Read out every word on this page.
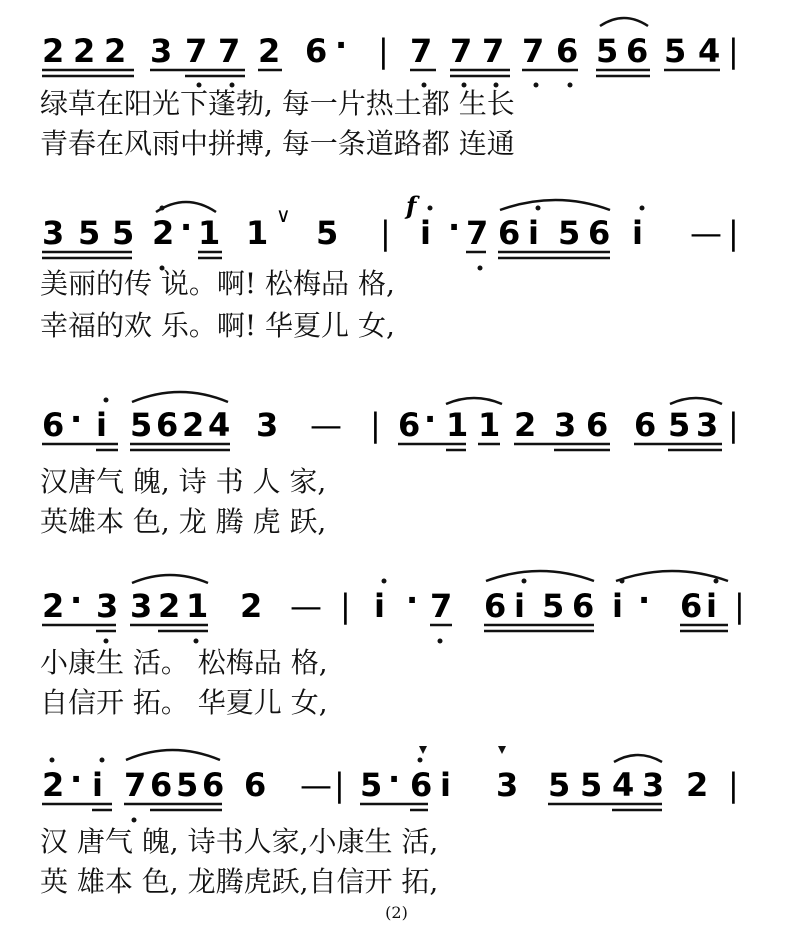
2 2 2 3 7 7 2 6 · | 7 7 7 7 6 5 6 5 4 |
绿草在阳光下蓬勃, 每一片热土都 生长
青春在风雨中拼搏, 每一条道路都 连通
3 5 5 2 · 1 1 ∨ 5 |
f
i · 7 6 i 5 6 i — |
美丽的传 说。啊! 松梅品 格,
幸福的欢 乐。啊! 华夏儿 女,
6 · i 5 6 2 4 3 — | 6 · 1 1 2 3 6 6 5 3 |
汉唐气 魄, 诗 书 人 家,
英雄本 色, 龙 腾 虎 跃,
2 · 3 3 2 1 2 — | i · 7 6 i 5 6 i · 6 i |
小康生 活。 松梅品 格,
自信开 拓。 华夏儿 女,
2 · i 7 6 5 6 6 — | 5 · 6 i 3 5 5 4 3 2 |
汉 唐气 魄, 诗书人家,小康生 活,
英 雄本 色, 龙腾虎跃,自信开 拓,
(2)
